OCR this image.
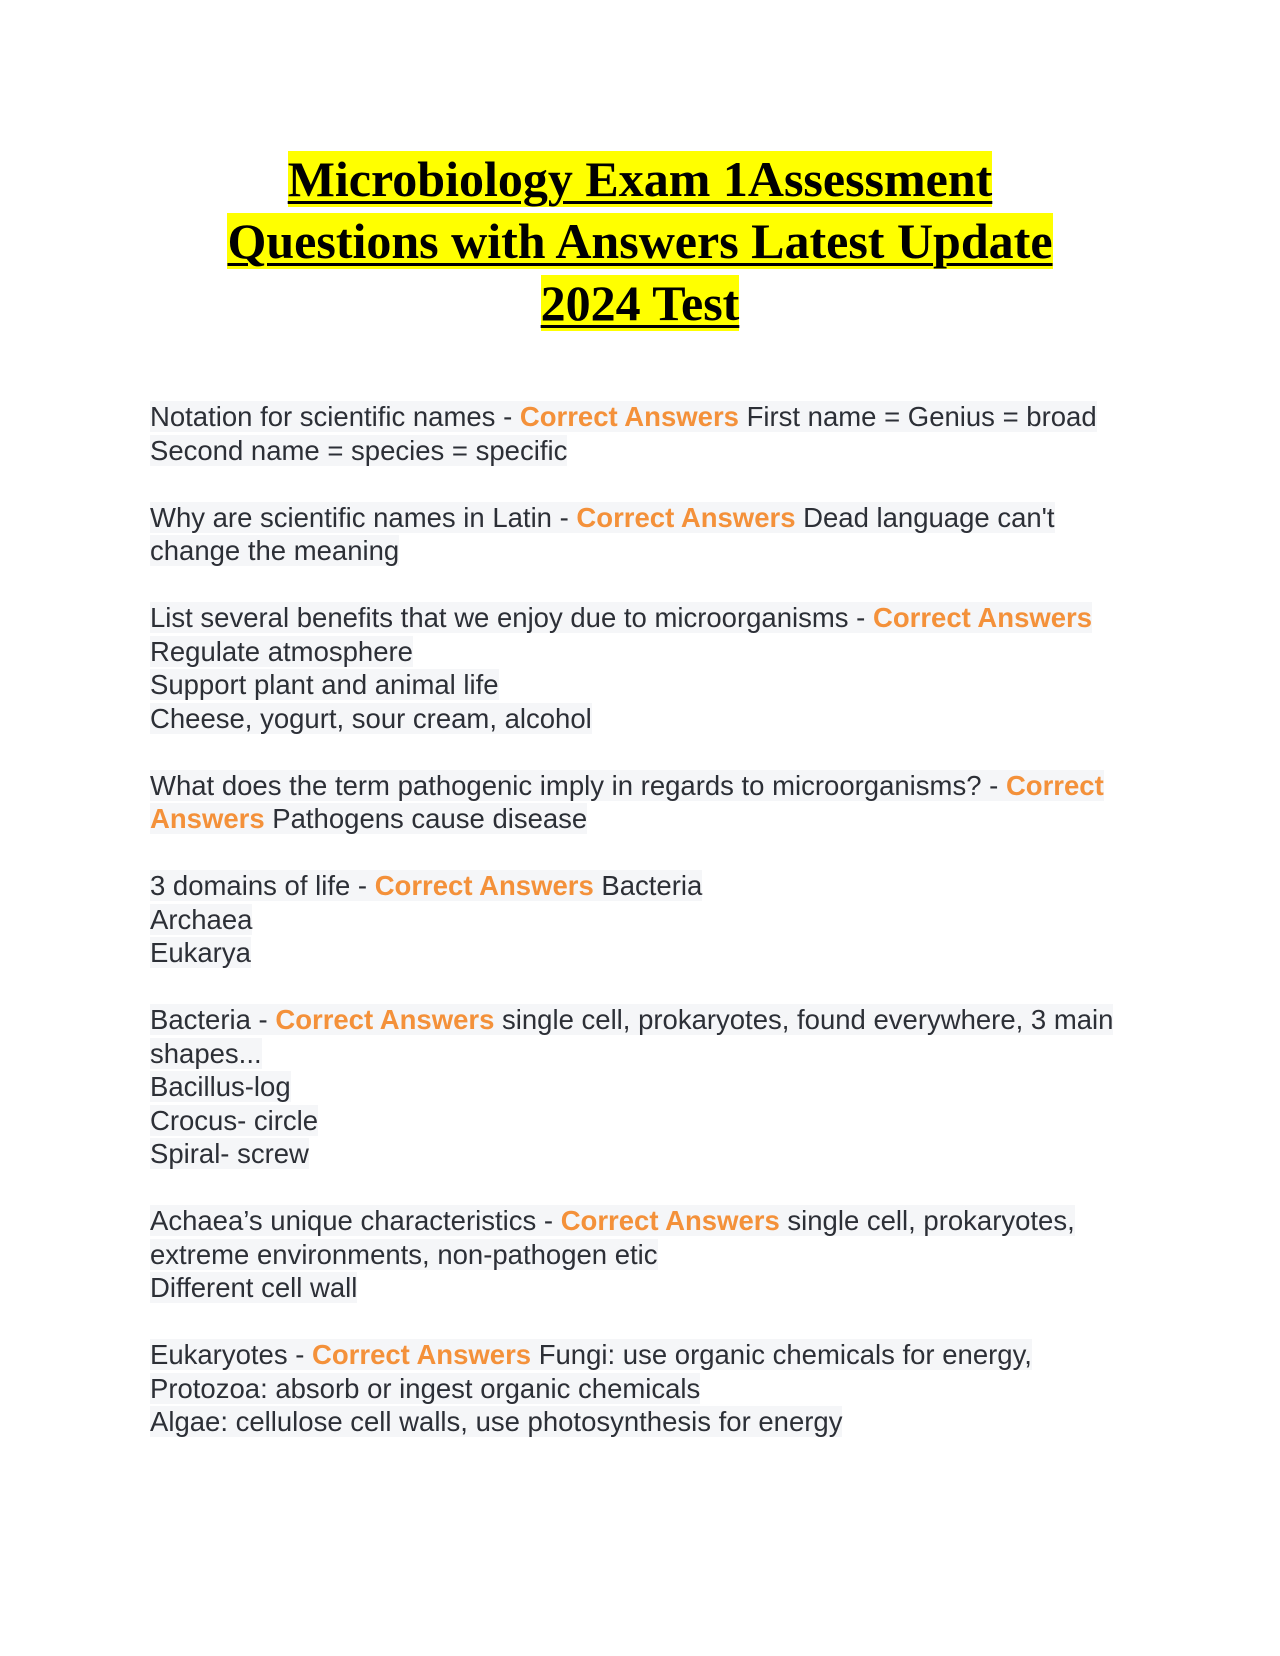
Microbiology Exam 1Assessment
Questions with Answers Latest Update
2024 Test
Notation for scientific names - Correct Answers First name = Genius = broad
Second name = species = specific
Why are scientific names in Latin - Correct Answers Dead language can't change the meaning
List several benefits that we enjoy due to microorganisms - Correct Answers Regulate atmosphere
Support plant and animal life
Cheese, yogurt, sour cream, alcohol
What does the term pathogenic imply in regards to microorganisms? - Correct Answers Pathogens cause disease
3 domains of life - Correct Answers Bacteria
Archaea
Eukarya
Bacteria - Correct Answers single cell, prokaryotes, found everywhere, 3 main shapes...
Bacillus-log
Crocus- circle
Spiral- screw
Achaea’s unique characteristics - Correct Answers single cell, prokaryotes, extreme environments, non-pathogen etic
Different cell wall
Eukaryotes - Correct Answers Fungi: use organic chemicals for energy,
Protozoa: absorb or ingest organic chemicals
Algae: cellulose cell walls, use photosynthesis for energy
